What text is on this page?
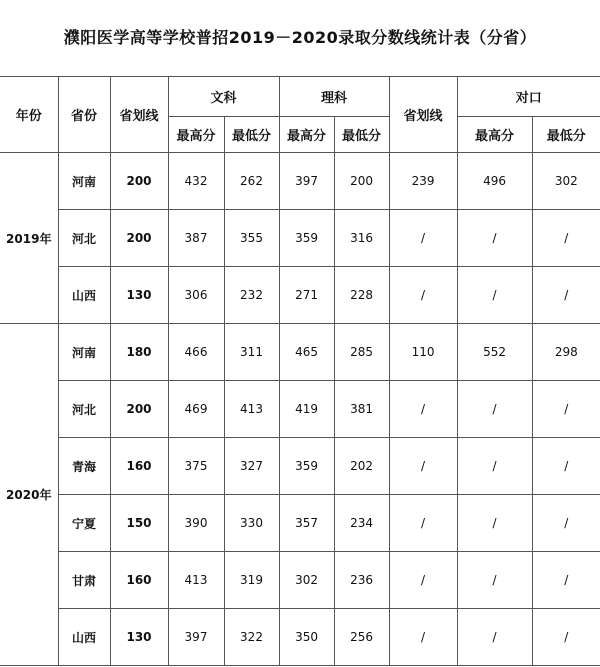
濮阳医学高等学校普招2019－2020录取分数线统计表（分省）
年份	省份	省划线	文科		理科		省划线	对口	
			最高分	最低分	最高分	最低分		最高分	最低分
2019年	河南	200	432	262	397	200	239	496	302
	河北	200	387	355	359	316	/	/	/
	山西	130	306	232	271	228	/	/	/
2020年	河南	180	466	311	465	285	110	552	298
	河北	200	469	413	419	381	/	/	/
	青海	160	375	327	359	202	/	/	/
	宁夏	150	390	330	357	234	/	/	/
	甘肃	160	413	319	302	236	/	/	/
	山西	130	397	322	350	256	/	/	/
